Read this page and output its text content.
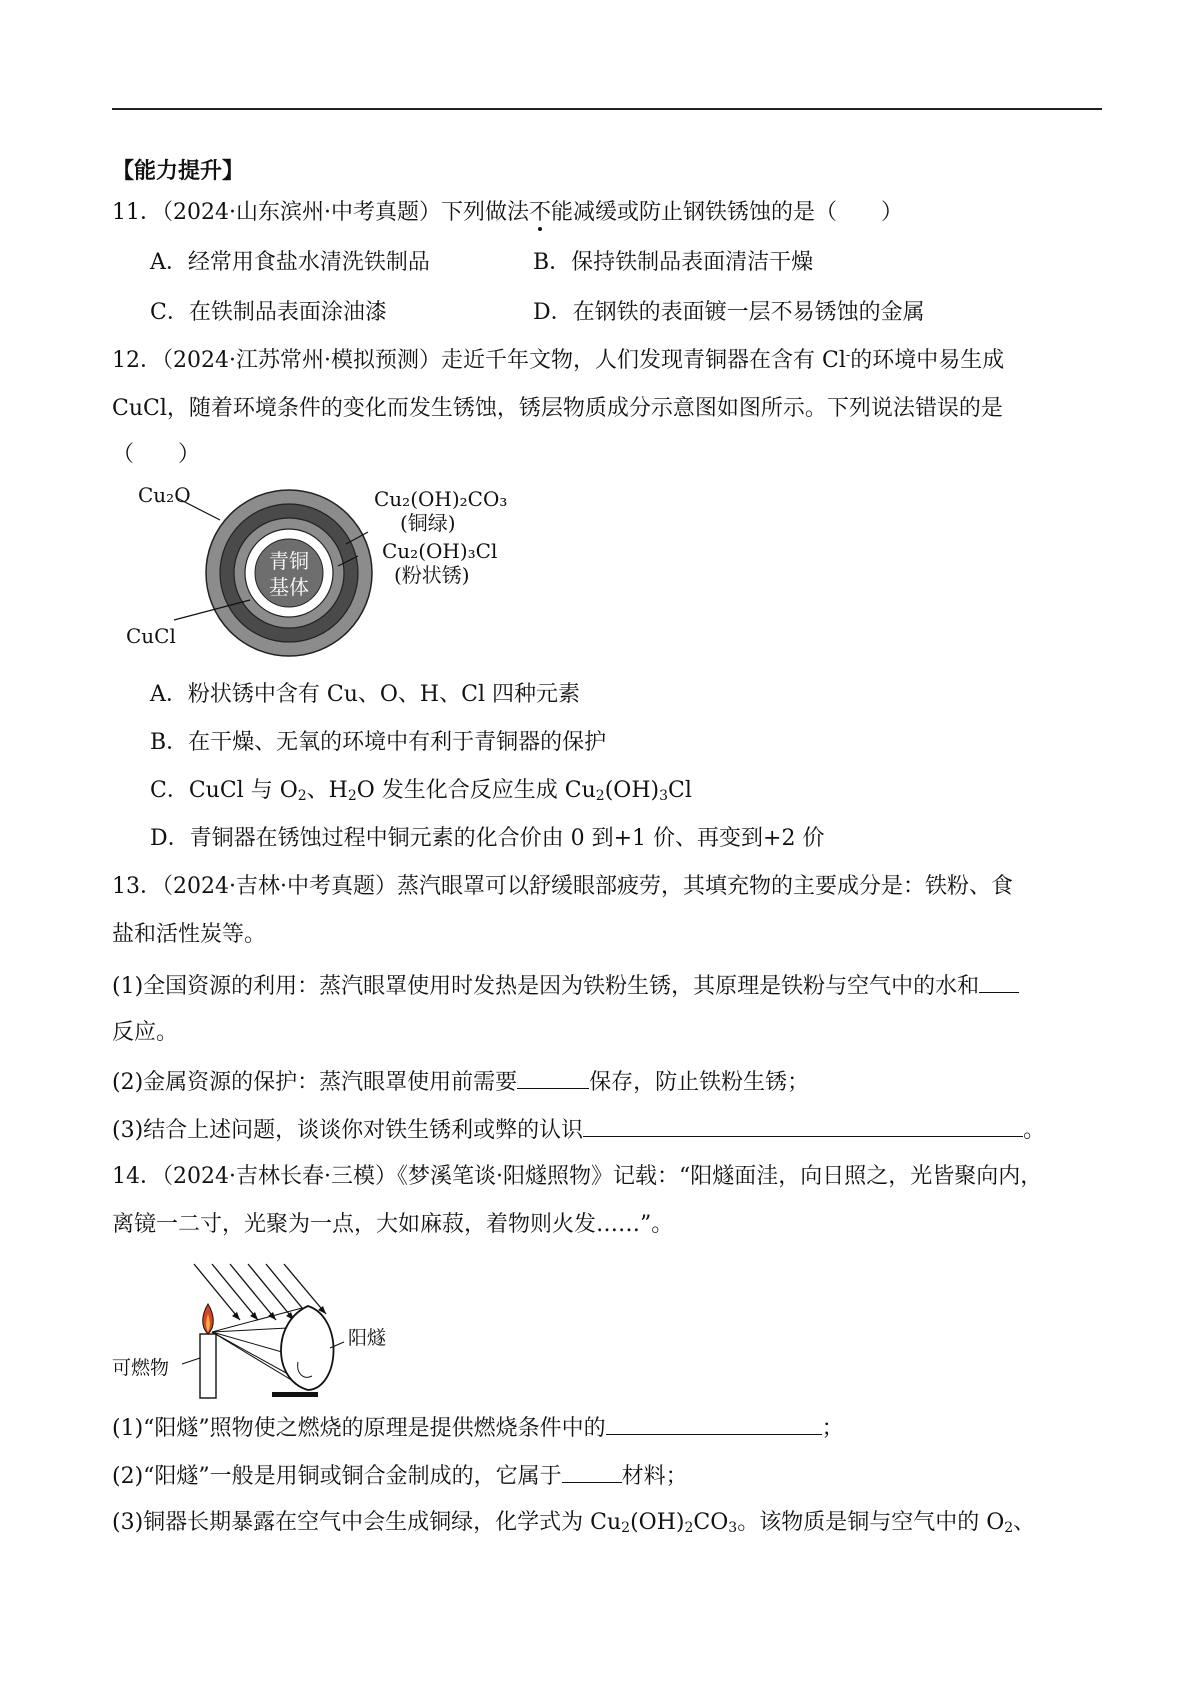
【能力提升】
11．（2024·山东滨州·中考真题）下列做法不能减缓或防止钢铁锈蚀的是（　　）
A．经常用食盐水清洗铁制品	B．保持铁制品表面清洁干燥
C．在铁制品表面涂油漆	D．在钢铁的表面镀一层不易锈蚀的金属
12．（2024·江苏常州·模拟预测）走近千年文物，人们发现青铜器在含有 Cl-的环境中易生成
CuCl，随着环境条件的变化而发生锈蚀，锈层物质成分示意图如图所示。下列说法错误的是
（　　）
青铜
基体
Cu₂O
CuCl
Cu₂(OH)₂CO₃
(铜绿)
Cu₂(OH)₃Cl
(粉状锈)
A．粉状锈中含有 Cu、O、H、Cl 四种元素
B．在干燥、无氧的环境中有利于青铜器的保护
C．CuCl 与 $O_2$、$H_2O$ 发生化合反应生成 $Cu_2(OH)_3Cl$
D．青铜器在锈蚀过程中铜元素的化合价由 0 到+1 价、再变到+2 价
13．（2024·吉林·中考真题）蒸汽眼罩可以舒缓眼部疲劳，其填充物的主要成分是：铁粉、食
盐和活性炭等。
(1)全国资源的利用：蒸汽眼罩使用时发热是因为铁粉生锈，其原理是铁粉与空气中的水和
反应。
(2)金属资源的保护：蒸汽眼罩使用前需要	保存，防止铁粉生锈；
(3)结合上述问题，谈谈你对铁生锈利或弊的认识	。
14．（2024·吉林长春·三模）《梦溪笔谈·阳燧照物》记载：“阳燧面洼，向日照之，光皆聚向内，
离镜一二寸，光聚为一点，大如麻菽，着物则火发……”。
阳燧
可燃物
(1)“阳燧”照物使之燃烧的原理是提供燃烧条件中的	；
(2)“阳燧”一般是用铜或铜合金制成的，它属于	材料；
(3)铜器长期暴露在空气中会生成铜绿，化学式为 $Cu_2(OH)_2CO_3$。该物质是铜与空气中的 $O_2$、
